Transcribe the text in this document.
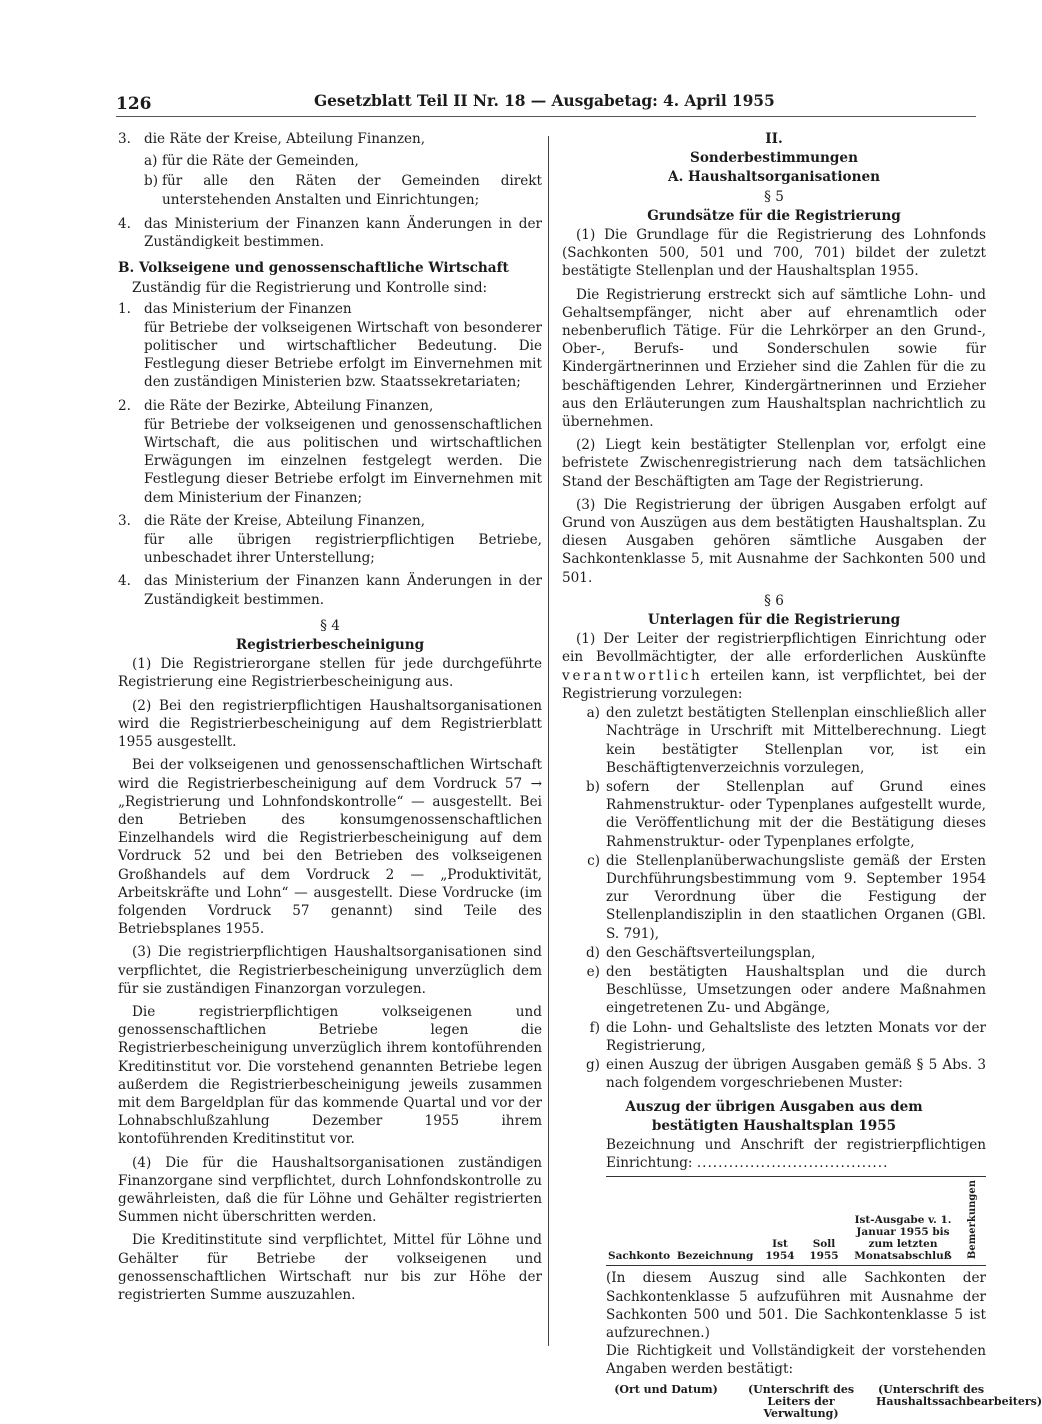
126	Gesetzblatt Teil II Nr. 18 — Ausgabetag: 4. April 1955
3. die Räte der Kreise, Abteilung Finanzen,
a) für die Räte der Gemeinden,
b) für alle den Räten der Gemeinden direkt unterstehenden Anstalten und Einrichtungen;
4. das Ministerium der Finanzen kann Änderungen in der Zuständigkeit bestimmen.

B. Volkseigene und genossenschaftliche Wirtschaft

Zuständig für die Registrierung und Kontrolle sind:

1. das Ministerium der Finanzen

für Betriebe der volkseigenen Wirtschaft von besonderer politischer und wirtschaftlicher Bedeutung. Die Festlegung dieser Betriebe erfolgt im Einvernehmen mit den zuständigen Ministerien bzw. Staatssekretariaten;

2. die Räte der Bezirke, Abteilung Finanzen,

für Betriebe der volkseigenen und genossenschaftlichen Wirtschaft, die aus politischen und wirtschaftlichen Erwägungen im einzelnen festgelegt werden. Die Festlegung dieser Betriebe erfolgt im Einvernehmen mit dem Ministerium der Finanzen;

3. die Räte der Kreise, Abteilung Finanzen,

für alle übrigen registrierpflichtigen Betriebe, unbeschadet ihrer Unterstellung;

4. das Ministerium der Finanzen kann Änderungen in der Zuständigkeit bestimmen.

§ 4

Registrierbescheinigung

(1) Die Registrierorgane stellen für jede durchgeführte Registrierung eine Registrierbescheinigung aus.

(2) Bei den registrierpflichtigen Haushaltsorganisationen wird die Registrierbescheinigung auf dem Registrierblatt 1955 ausgestellt.

Bei der volkseigenen und genossenschaftlichen Wirtschaft wird die Registrierbescheinigung auf dem Vordruck 57 → „Registrierung und Lohnfondskontrolle“ — ausgestellt. Bei den Betrieben des konsumgenossenschaftlichen Einzelhandels wird die Registrierbescheinigung auf dem Vordruck 52 und bei den Betrieben des volkseigenen Großhandels auf dem Vordruck 2 — „Produktivität, Arbeitskräfte und Lohn“ — ausgestellt. Diese Vordrucke (im folgenden Vordruck 57 genannt) sind Teile des Betriebsplanes 1955.

(3) Die registrierpflichtigen Haushaltsorganisationen sind verpflichtet, die Registrierbescheinigung unverzüglich dem für sie zuständigen Finanzorgan vorzulegen.

Die registrierpflichtigen volkseigenen und genossenschaftlichen Betriebe legen die Registrierbescheinigung unverzüglich ihrem kontoführenden Kreditinstitut vor. Die vorstehend genannten Betriebe legen außerdem die Registrierbescheinigung jeweils zusammen mit dem Bargeldplan für das kommende Quartal und vor der Lohnabschlußzahlung Dezember 1955 ihrem kontoführenden Kreditinstitut vor.

(4) Die für die Haushaltsorganisationen zuständigen Finanzorgane sind verpflichtet, durch Lohnfondskontrolle zu gewährleisten, daß die für Löhne und Gehälter registrierten Summen nicht überschritten werden.

Die Kreditinstitute sind verpflichtet, Mittel für Löhne und Gehälter für Betriebe der volkseigenen und genossenschaftlichen Wirtschaft nur bis zur Höhe der registrierten Summe auszuzahlen.

II.

Sonderbestimmungen

A. Haushaltsorganisationen

§ 5

Grundsätze für die Registrierung

(1) Die Grundlage für die Registrierung des Lohnfonds (Sachkonten 500, 501 und 700, 701) bildet der zuletzt bestätigte Stellenplan und der Haushaltsplan 1955.

Die Registrierung erstreckt sich auf sämtliche Lohn- und Gehaltsempfänger, nicht aber auf ehrenamtlich oder nebenberuflich Tätige. Für die Lehrkörper an den Grund-, Ober-, Berufs- und Sonderschulen sowie für Kindergärtnerinnen und Erzieher sind die Zahlen für die zu beschäftigenden Lehrer, Kindergärtnerinnen und Erzieher aus den Erläuterungen zum Haushaltsplan nachrichtlich zu übernehmen.

(2) Liegt kein bestätigter Stellenplan vor, erfolgt eine befristete Zwischenregistrierung nach dem tatsächlichen Stand der Beschäftigten am Tage der Registrierung.

(3) Die Registrierung der übrigen Ausgaben erfolgt auf Grund von Auszügen aus dem bestätigten Haushaltsplan. Zu diesen Ausgaben gehören sämtliche Ausgaben der Sachkontenklasse 5, mit Ausnahme der Sachkonten 500 und 501.

§ 6

Unterlagen für die Registrierung

(1) Der Leiter der registrierpflichtigen Einrichtung oder ein Bevollmächtigter, der alle erforderlichen Auskünfte verantwortlich erteilen kann, ist verpflichtet, bei der Registrierung vorzulegen:

a) den zuletzt bestätigten Stellenplan einschließlich aller Nachträge in Urschrift mit Mittelberechnung. Liegt kein bestätigter Stellenplan vor, ist ein Beschäftigtenverzeichnis vorzulegen,
b) sofern der Stellenplan auf Grund eines Rahmenstruktur- oder Typenplanes aufgestellt wurde, die Veröffentlichung mit der die Bestätigung dieses Rahmenstruktur- oder Typenplanes erfolgte,
c) die Stellenplanüberwachungsliste gemäß der Ersten Durchführungsbestimmung vom 9. September 1954 zur Verordnung über die Festigung der Stellenplandisziplin in den staatlichen Organen (GBl. S. 791),
d) den Geschäftsverteilungsplan,
e) den bestätigten Haushaltsplan und die durch Beschlüsse, Umsetzungen oder andere Maßnahmen eingetretenen Zu- und Abgänge,
f) die Lohn- und Gehaltsliste des letzten Monats vor der Registrierung,
g) einen Auszug der übrigen Ausgaben gemäß § 5 Abs. 3 nach folgendem vorgeschriebenen Muster:

Auszug der übrigen Ausgaben aus dem

bestätigten Haushaltsplan 1955

Bezeichnung und Anschrift der registrierpflichtigen Einrichtung: ....................................

Sachkonto	Bezeichnung	Ist 1954	Soll 1955	Ist-Ausgabe v. 1. Januar 1955 bis zum letzten Monatsabschluß	Bemerkungen

(In diesem Auszug sind alle Sachkonten der Sachkontenklasse 5 aufzuführen mit Ausnahme der Sachkonten 500 und 501. Die Sachkontenklasse 5 ist aufzurechnen.)

Die Richtigkeit und Vollständigkeit der vorstehenden Angaben werden bestätigt:

(Ort und Datum)	(Unterschrift des Leiters der Verwaltung)
(Unterschrift des Haushaltssachbearbeiters)
